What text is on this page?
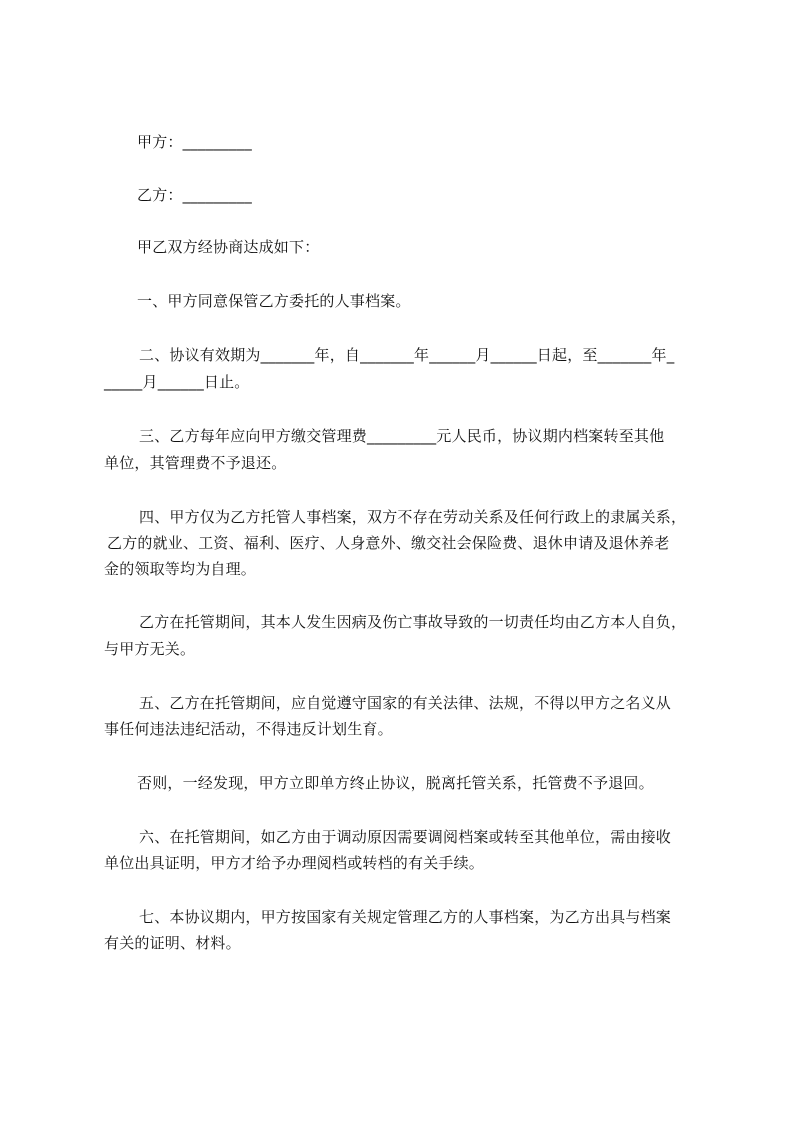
甲方：_________
乙方：_________
甲乙双方经协商达成如下：
一、甲方同意保管乙方委托的人事档案。
二、协议有效期为_______年，自_______年______月______日起，至_______年_
_____月______日止。
三、乙方每年应向甲方缴交管理费_________元人民币，协议期内档案转至其他
单位，其管理费不予退还。
四、甲方仅为乙方托管人事档案，双方不存在劳动关系及任何行政上的隶属关系，
乙方的就业、工资、福利、医疗、人身意外、缴交社会保险费、退休申请及退休养老
金的领取等均为自理。
乙方在托管期间，其本人发生因病及伤亡事故导致的一切责任均由乙方本人自负，
与甲方无关。
五、乙方在托管期间，应自觉遵守国家的有关法律、法规，不得以甲方之名义从
事任何违法违纪活动，不得违反计划生育。
否则，一经发现，甲方立即单方终止协议，脱离托管关系，托管费不予退回。
六、在托管期间，如乙方由于调动原因需要调阅档案或转至其他单位，需由接收
单位出具证明，甲方才给予办理阅档或转档的有关手续。
七、本协议期内，甲方按国家有关规定管理乙方的人事档案，为乙方出具与档案
有关的证明、材料。
